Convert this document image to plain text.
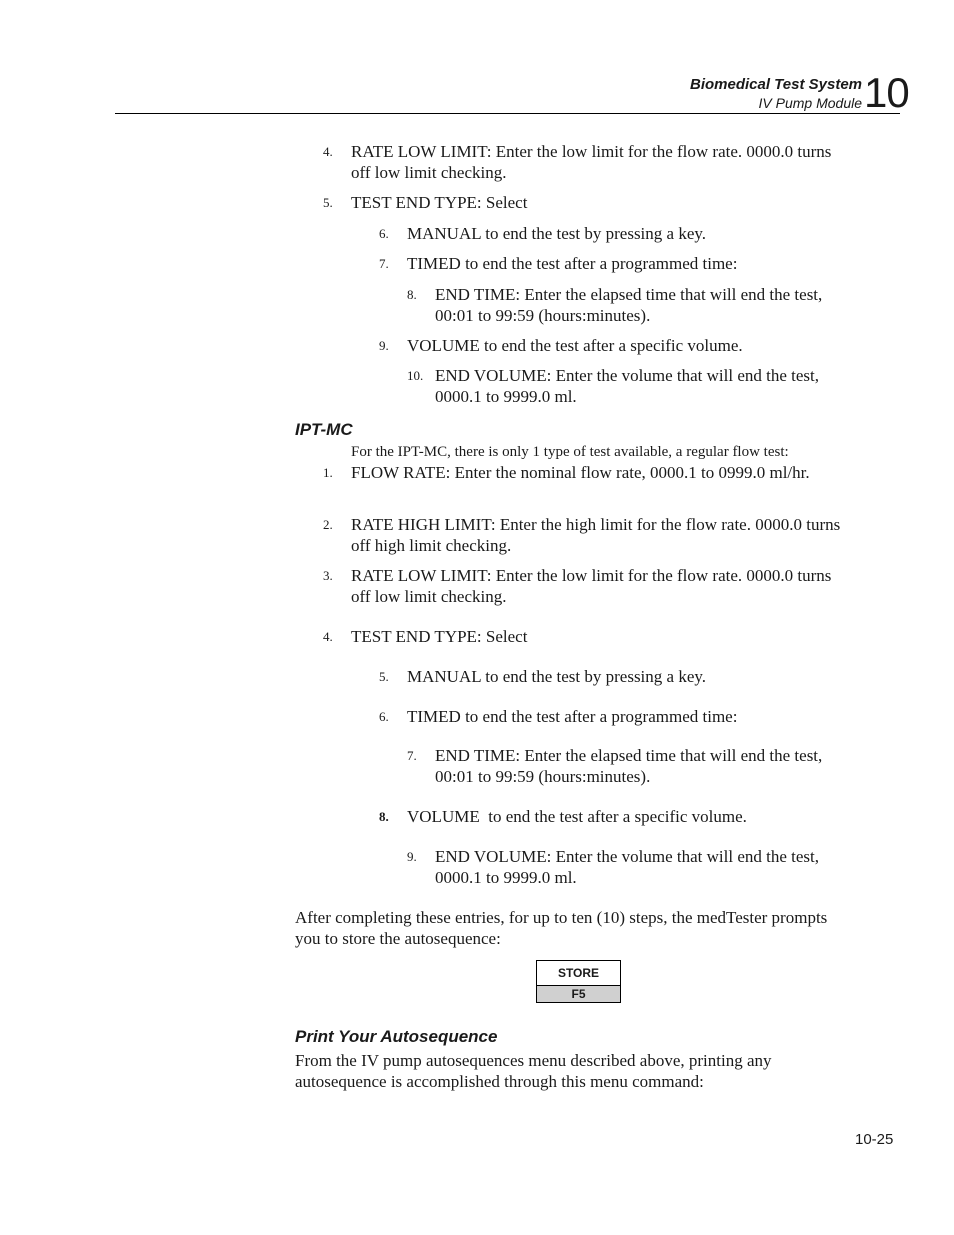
Biomedical Test System
IV Pump Module 10
4. RATE LOW LIMIT: Enter the low limit for the flow rate. 0000.0 turns off low limit checking.
5. TEST END TYPE: Select
6. MANUAL to end the test by pressing a key.
7. TIMED to end the test after a programmed time:
8. END TIME: Enter the elapsed time that will end the test, 00:01 to 99:59 (hours:minutes).
9. VOLUME to end the test after a specific volume.
10. END VOLUME: Enter the volume that will end the test, 0000.1 to 9999.0 ml.
IPT-MC
For the IPT-MC, there is only 1 type of test available, a regular flow test:
1. FLOW RATE: Enter the nominal flow rate, 0000.1 to 0999.0 ml/hr.
2. RATE HIGH LIMIT: Enter the high limit for the flow rate. 0000.0 turns off high limit checking.
3. RATE LOW LIMIT: Enter the low limit for the flow rate. 0000.0 turns off low limit checking.
4. TEST END TYPE: Select
5. MANUAL to end the test by pressing a key.
6. TIMED to end the test after a programmed time:
7. END TIME: Enter the elapsed time that will end the test, 00:01 to 99:59 (hours:minutes).
8. VOLUME  to end the test after a specific volume.
9. END VOLUME: Enter the volume that will end the test, 0000.1 to 9999.0 ml.
After completing these entries, for up to ten (10) steps, the medTester prompts you to store the autosequence:
STORE
F5
Print Your Autosequence
From the IV pump autosequences menu described above, printing any autosequence is accomplished through this menu command:
10-25
